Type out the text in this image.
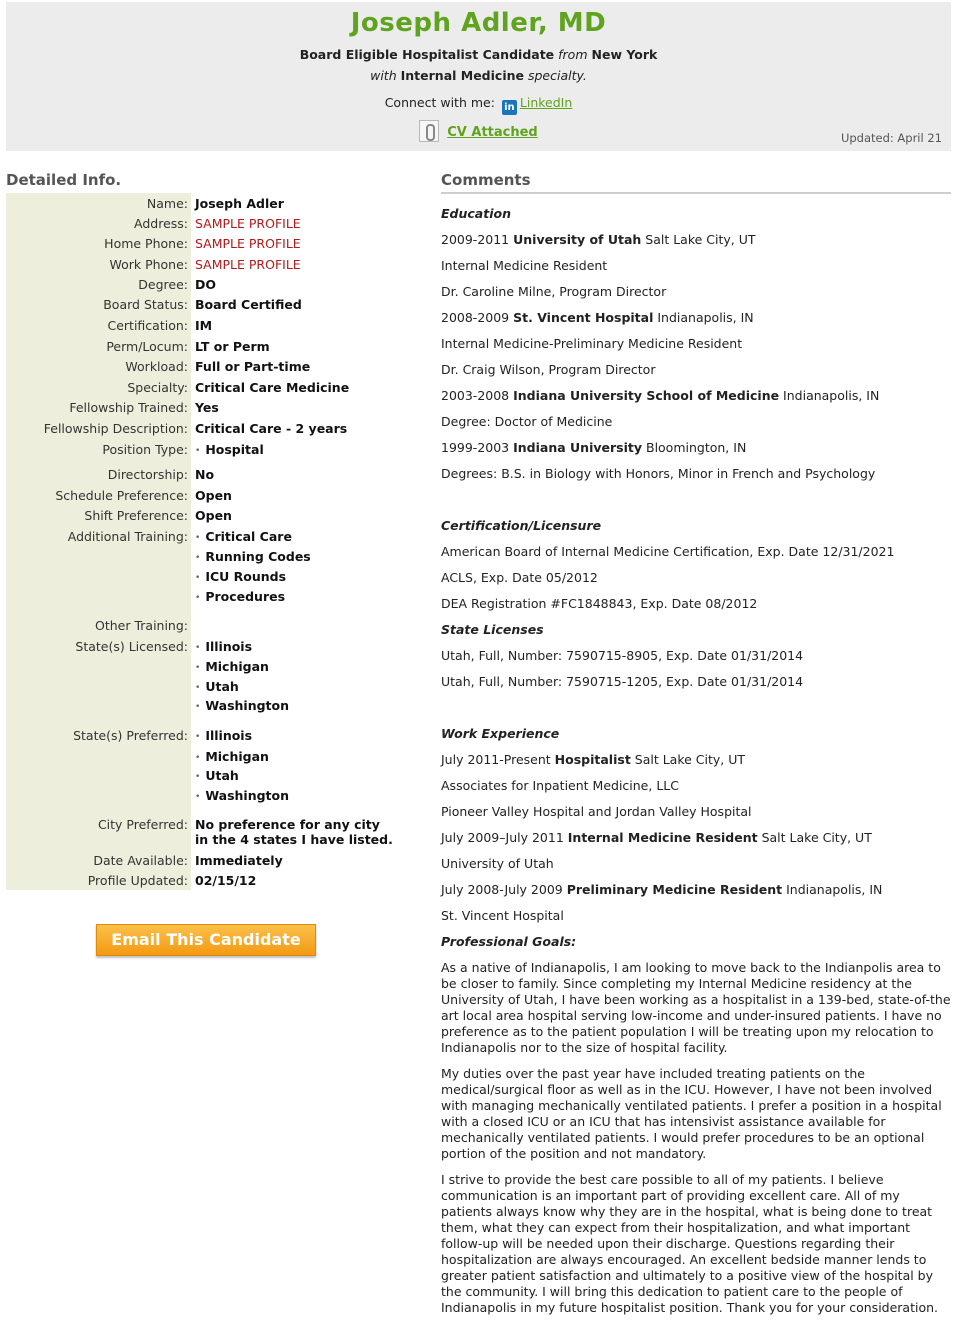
Joseph Adler, MD
Board Eligible Hospitalist Candidate from New York
with Internal Medicine specialty.
Connect with me: in LinkedIn
CV Attached	Updated: April 21
Detailed Info.
Name: Joseph Adler
Address: SAMPLE PROFILE
Home Phone: SAMPLE PROFILE
Work Phone: SAMPLE PROFILE
Degree: DO
Board Status: Board Certified
Certification: IM
Perm/Locum: LT or Perm
Workload: Full or Part-time
Specialty: Critical Care Medicine
Fellowship Trained: Yes
Fellowship Description: Critical Care - 2 years
Position Type:	• Hospital
Directorship: No
Schedule Preference: Open
Shift Preference: Open
Additional Training:	• Critical Care
• Running Codes
• ICU Rounds
• Procedures
Other Training:
State(s) Licensed:	• Illinois
• Michigan
• Utah
• Washington
State(s) Preferred:	• Illinois
• Michigan
• Utah
• Washington
City Preferred: No preference for any city in the 4 states I have listed.
Date Available: Immediately
Profile Updated: 02/15/12
Email This Candidate
Comments
Education
2009-2011 University of Utah Salt Lake City, UT
Internal Medicine Resident
Dr. Caroline Milne, Program Director
2008-2009 St. Vincent Hospital Indianapolis, IN
Internal Medicine-Preliminary Medicine Resident
Dr. Craig Wilson, Program Director
2003-2008 Indiana University School of Medicine Indianapolis, IN
Degree: Doctor of Medicine
1999-2003 Indiana University Bloomington, IN
Degrees: B.S. in Biology with Honors, Minor in French and Psychology
Certification/Licensure
American Board of Internal Medicine Certification, Exp. Date 12/31/2021
ACLS, Exp. Date 05/2012
DEA Registration #FC1848843, Exp. Date 08/2012
State Licenses
Utah, Full, Number: 7590715-8905, Exp. Date 01/31/2014
Utah, Full, Number: 7590715-1205, Exp. Date 01/31/2014
Work Experience
July 2011-Present Hospitalist Salt Lake City, UT
Associates for Inpatient Medicine, LLC
Pioneer Valley Hospital and Jordan Valley Hospital
July 2009–July 2011 Internal Medicine Resident Salt Lake City, UT
University of Utah
July 2008-July 2009 Preliminary Medicine Resident Indianapolis, IN
St. Vincent Hospital
Professional Goals:
As a native of Indianapolis, I am looking to move back to the Indianpolis area to be closer to family. Since completing my Internal Medicine residency at the University of Utah, I have been working as a hospitalist in a 139-bed, state-of-the art local area hospital serving low-income and under-insured patients. I have no preference as to the patient population I will be treating upon my relocation to Indianapolis nor to the size of hospital facility.
My duties over the past year have included treating patients on the medical/surgical floor as well as in the ICU. However, I have not been involved with managing mechanically ventilated patients. I prefer a position in a hospital with a closed ICU or an ICU that has intensivist assistance available for mechanically ventilated patients. I would prefer procedures to be an optional portion of the position and not mandatory.
I strive to provide the best care possible to all of my patients. I believe communication is an important part of providing excellent care. All of my patients always know why they are in the hospital, what is being done to treat them, what they can expect from their hospitalization, and what important follow-up will be needed upon their discharge. Questions regarding their hospitalization are always encouraged. An excellent bedside manner lends to greater patient satisfaction and ultimately to a positive view of the hospital by the community. I will bring this dedication to patient care to the people of Indianapolis in my future hospitalist position. Thank you for your consideration.
